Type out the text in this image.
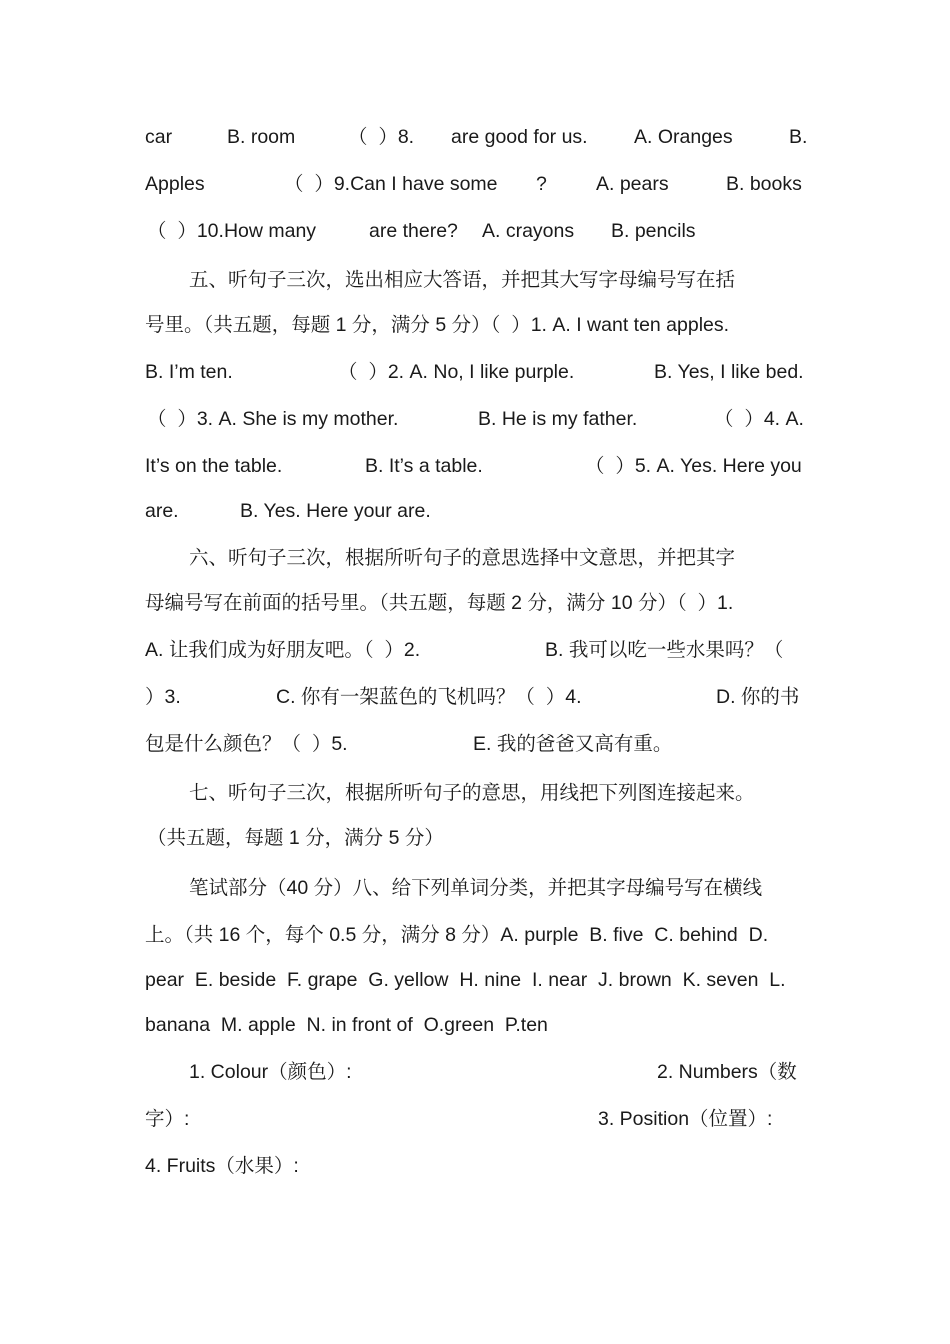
car	B. room	（  ）8. are good for us. A. Oranges	B.
Apples	（  ）9.Can I have some ?	A. pears	B. books
（  ）10.How many	are there? A. crayons B. pencils
五、听句子三次，选出相应大答语，并把其大写字母编号写在括
号里。（共五题，每题 1 分，满分 5 分）（  ）1. A. I want ten apples.
B. I’m ten.	（  ）2. A. No, I like purple.	B. Yes, I like bed.
（  ）3. A. She is my mother.	B. He is my father.	（  ）4. A.
It’s on the table.	B. It’s a table.	（  ）5. A. Yes. Here you
are.	B. Yes. Here your are.
六、听句子三次，根据所听句子的意思选择中文意思，并把其字
母编号写在前面的括号里。（共五题，每题 2 分，满分 10 分）（  ）1.
A. 让我们成为好朋友吧。（  ）2.	B. 我可以吃一些水果吗？（
）3.	C. 你有一架蓝色的飞机吗？（  ）4.	D. 你的书
包是什么颜色？（  ）5.	E. 我的爸爸又高有重。
七、听句子三次，根据所听句子的意思，用线把下列图连接起来。
（共五题，每题 1 分，满分 5 分）
笔试部分（40 分）八、给下列单词分类，并把其字母编号写在横线
上。（共 16 个，每个 0.5 分，满分 8 分）A. purple  B. five  C. behind  D.
pear  E. beside  F. grape  G. yellow  H. nine  I. near  J. brown  K. seven  L.
banana  M. apple  N. in front of  O.green  P.ten
1. Colour（颜色）:	2. Numbers（数
字）:	3. Position（位置）:
4. Fruits（水果）:
